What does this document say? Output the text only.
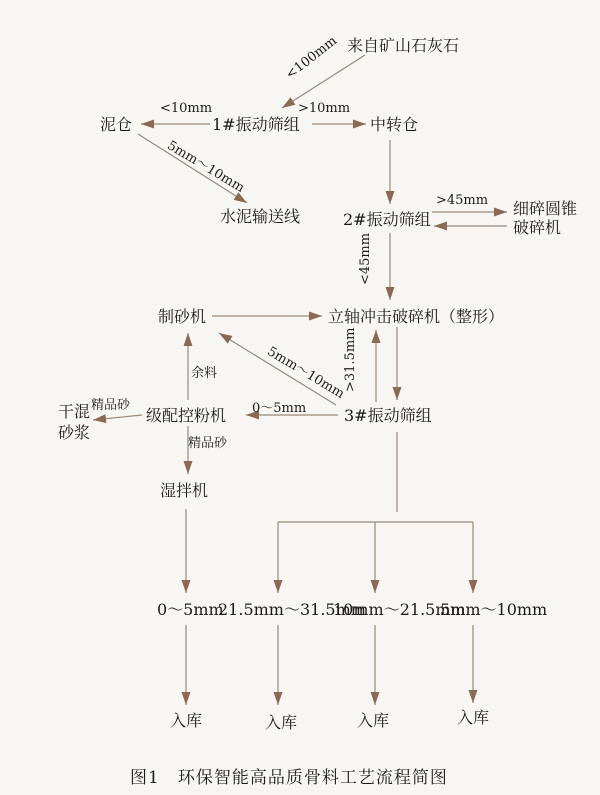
来自矿山石灰石
1#振动筛组
泥仓	中转仓
水泥输送线	2#振动筛组
细碎圆锥
破碎机
制砂机	立轴冲击破碎机（整形）
3#振动筛组
级配控粉机
干混
砂浆
湿拌机
0～5mm
21.5mm～31.5mm
10mm～21.5mm
5mm～10mm
入库	入库	入库	入库
<100mm
<10mm	>10mm
5mm～10mm
>45mm
<45mm
>31.5mm
5mm～10mm
0～5mm
余料
精品砂
精品砂
图1　环保智能高品质骨料工艺流程简图
